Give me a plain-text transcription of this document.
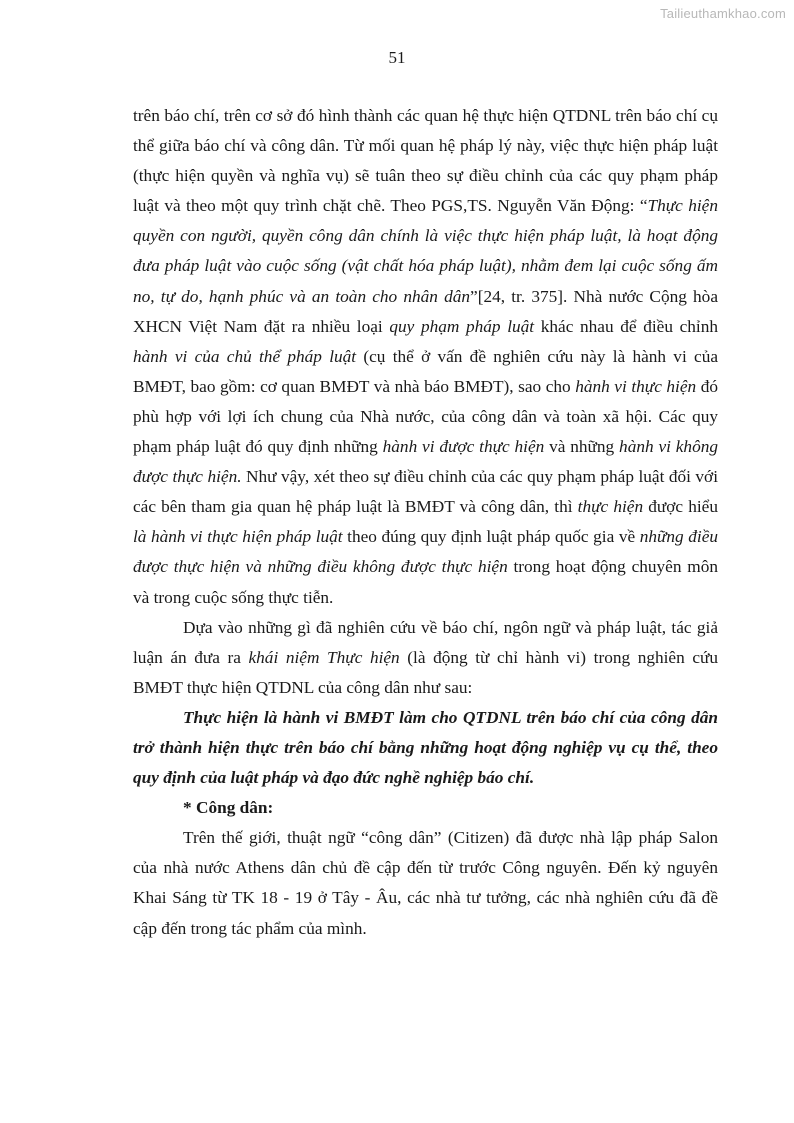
Tailieuthamkhao.com
51

trên báo chí, trên cơ sở đó hình thành các quan hệ thực hiện QTDNL trên báo chí cụ thể giữa báo chí và công dân. Từ mối quan hệ pháp lý này, việc thực hiện pháp luật (thực hiện quyền và nghĩa vụ) sẽ tuân theo sự điều chỉnh của các quy phạm pháp luật và theo một quy trình chặt chẽ. Theo PGS,TS. Nguyễn Văn Động: “Thực hiện quyền con người, quyền công dân chính là việc thực hiện pháp luật, là hoạt động đưa pháp luật vào cuộc sống (vật chất hóa pháp luật), nhằm đem lại cuộc sống ấm no, tự do, hạnh phúc và an toàn cho nhân dân”[24, tr. 375]. Nhà nước Cộng hòa XHCN Việt Nam đặt ra nhiều loại quy phạm pháp luật khác nhau để điều chỉnh hành vi của chủ thể pháp luật (cụ thể ở vấn đề nghiên cứu này là hành vi của BMĐT, bao gồm: cơ quan BMĐT và nhà báo BMĐT), sao cho hành vi thực hiện đó phù hợp với lợi ích chung của Nhà nước, của công dân và toàn xã hội. Các quy phạm pháp luật đó quy định những hành vi được thực hiện và những hành vi không được thực hiện. Như vậy, xét theo sự điều chỉnh của các quy phạm pháp luật đối với các bên tham gia quan hệ pháp luật là BMĐT và công dân, thì thực hiện được hiểu là hành vi thực hiện pháp luật theo đúng quy định luật pháp quốc gia về những điều được thực hiện và những điều không được thực hiện trong hoạt động chuyên môn và trong cuộc sống thực tiễn.

Dựa vào những gì đã nghiên cứu về báo chí, ngôn ngữ và pháp luật, tác giả luận án đưa ra khái niệm Thực hiện (là động từ chỉ hành vi) trong nghiên cứu BMĐT thực hiện QTDNL của công dân như sau:

Thực hiện là hành vi BMĐT làm cho QTDNL trên báo chí của công dân trở thành hiện thực trên báo chí bằng những hoạt động nghiệp vụ cụ thể, theo quy định của luật pháp và đạo đức nghề nghiệp báo chí.

* Công dân:

Trên thế giới, thuật ngữ “công dân” (Citizen) đã được nhà lập pháp Salon của nhà nước Athens dân chủ đề cập đến từ trước Công nguyên. Đến kỷ nguyên Khai Sáng từ TK 18 - 19 ở Tây - Âu, các nhà tư tưởng, các nhà nghiên cứu đã đề cập đến trong tác phẩm của mình.
